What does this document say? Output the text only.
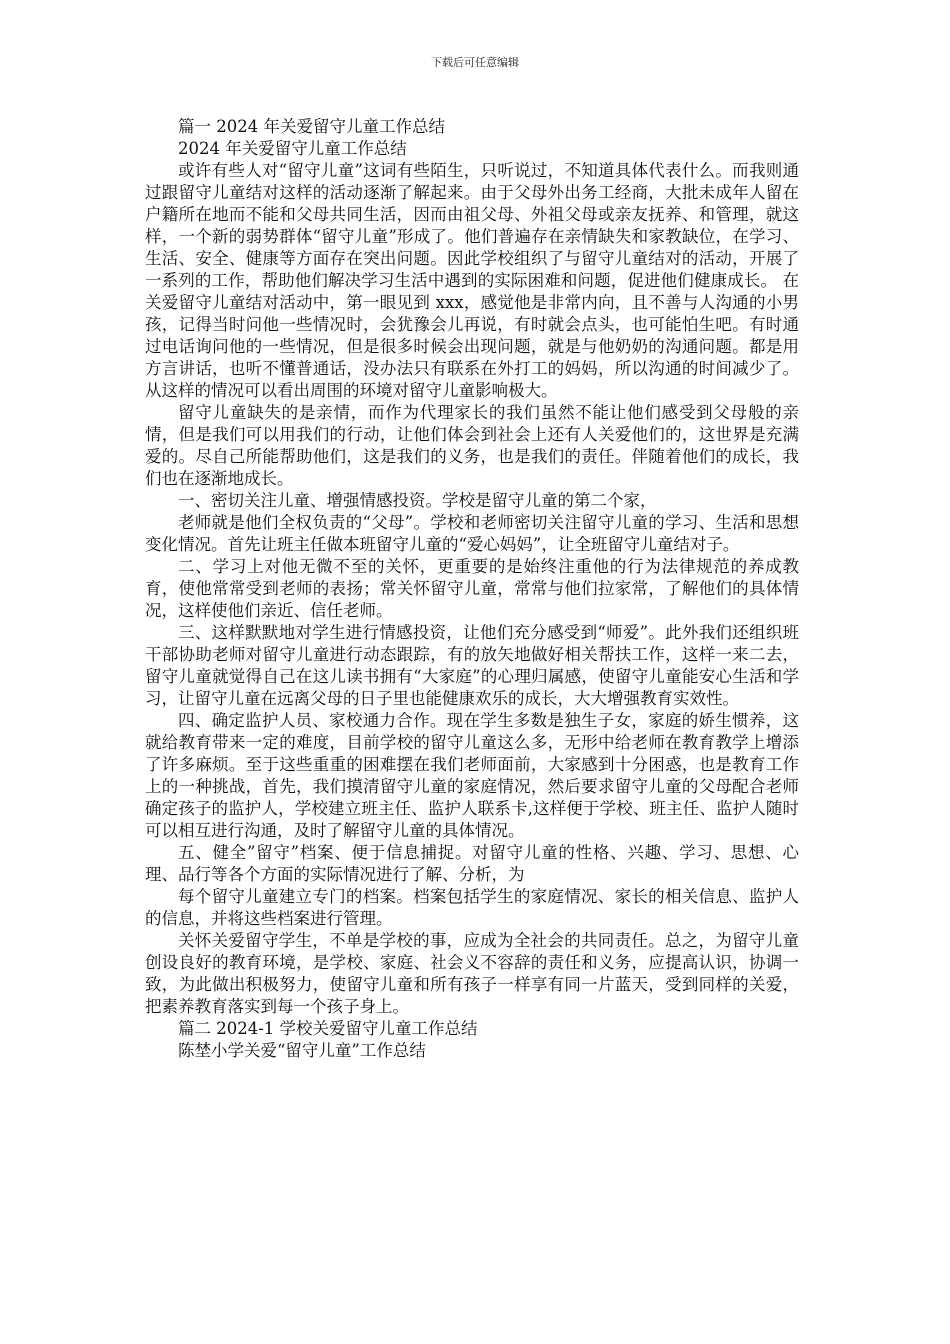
下载后可任意编辑

篇一 2024 年关爱留守儿童工作总结

2024 年关爱留守儿童工作总结

或许有些人对“留守儿童”这词有些陌生，只听说过，不知道具体代表什么。而我则通过跟留守儿童结对这样的活动逐渐了解起来。由于父母外出务工经商，大批未成年人留在户籍所在地而不能和父母共同生活，因而由祖父母、外祖父母或亲友抚养、和管理，就这样，一个新的弱势群体“留守儿童”形成了。他们普遍存在亲情缺失和家教缺位，在学习、生活、安全、健康等方面存在突出问题。因此学校组织了与留守儿童结对的活动，开展了一系列的工作，帮助他们解决学习生活中遇到的实际困难和问题，促进他们健康成长。 在关爱留守儿童结对活动中，第一眼见到 xxx，感觉他是非常内向，且不善与人沟通的小男孩，记得当时问他一些情况时，会犹豫会儿再说，有时就会点头，也可能怕生吧。有时通过电话询问他的一些情况，但是很多时候会出现问题，就是与他奶奶的沟通问题。都是用方言讲话，也听不懂普通话，没办法只有联系在外打工的妈妈，所以沟通的时间减少了。从这样的情况可以看出周围的环境对留守儿童影响极大。

留守儿童缺失的是亲情，而作为代理家长的我们虽然不能让他们感受到父母般的亲情，但是我们可以用我们的行动，让他们体会到社会上还有人关爱他们的，这世界是充满爱的。尽自己所能帮助他们，这是我们的义务，也是我们的责任。伴随着他们的成长，我们也在逐渐地成长。

一、密切关注儿童、增强情感投资。学校是留守儿童的第二个家，

老师就是他们全权负责的“父母”。学校和老师密切关注留守儿童的学习、生活和思想变化情况。首先让班主任做本班留守儿童的“爱心妈妈”，让全班留守儿童结对子。

二、学习上对他无微不至的关怀，更重要的是始终注重他的行为法律规范的养成教育，使他常常受到老师的表扬；常关怀留守儿童，常常与他们拉家常，了解他们的具体情况，这样使他们亲近、信任老师。

三、这样默默地对学生进行情感投资，让他们充分感受到“师爱”。此外我们还组织班干部协助老师对留守儿童进行动态跟踪，有的放矢地做好相关帮扶工作，这样一来二去，留守儿童就觉得自己在这儿读书拥有“大家庭”的心理归属感，使留守儿童能安心生活和学习，让留守儿童在远离父母的日子里也能健康欢乐的成长，大大增强教育实效性。

四、确定监护人员、家校通力合作。现在学生多数是独生子女，家庭的娇生惯养，这就给教育带来一定的难度，目前学校的留守儿童这么多，无形中给老师在教育教学上增添了许多麻烦。至于这些重重的困难摆在我们老师面前，大家感到十分困惑，也是教育工作上的一种挑战，首先，我们摸清留守儿童的家庭情况，然后要求留守儿童的父母配合老师确定孩子的监护人，学校建立班主任、监护人联系卡,这样便于学校、班主任、监护人随时可以相互进行沟通，及时了解留守儿童的具体情况。

五、健全”留守”档案、便于信息捕捉。对留守儿童的性格、兴趣、学习、思想、心理、品行等各个方面的实际情况进行了解、分析，为

每个留守儿童建立专门的档案。档案包括学生的家庭情况、家长的相关信息、监护人的信息，并将这些档案进行管理。

关怀关爱留守学生，不单是学校的事，应成为全社会的共同责任。总之，为留守儿童创设良好的教育环境，是学校、家庭、社会义不容辞的责任和义务，应提高认识，协调一致，为此做出积极努力，使留守儿童和所有孩子一样享有同一片蓝天，受到同样的关爱，把素养教育落实到每一个孩子身上。

篇二 2024-1 学校关爱留守儿童工作总结

陈埜小学关爱“留守儿童”工作总结
